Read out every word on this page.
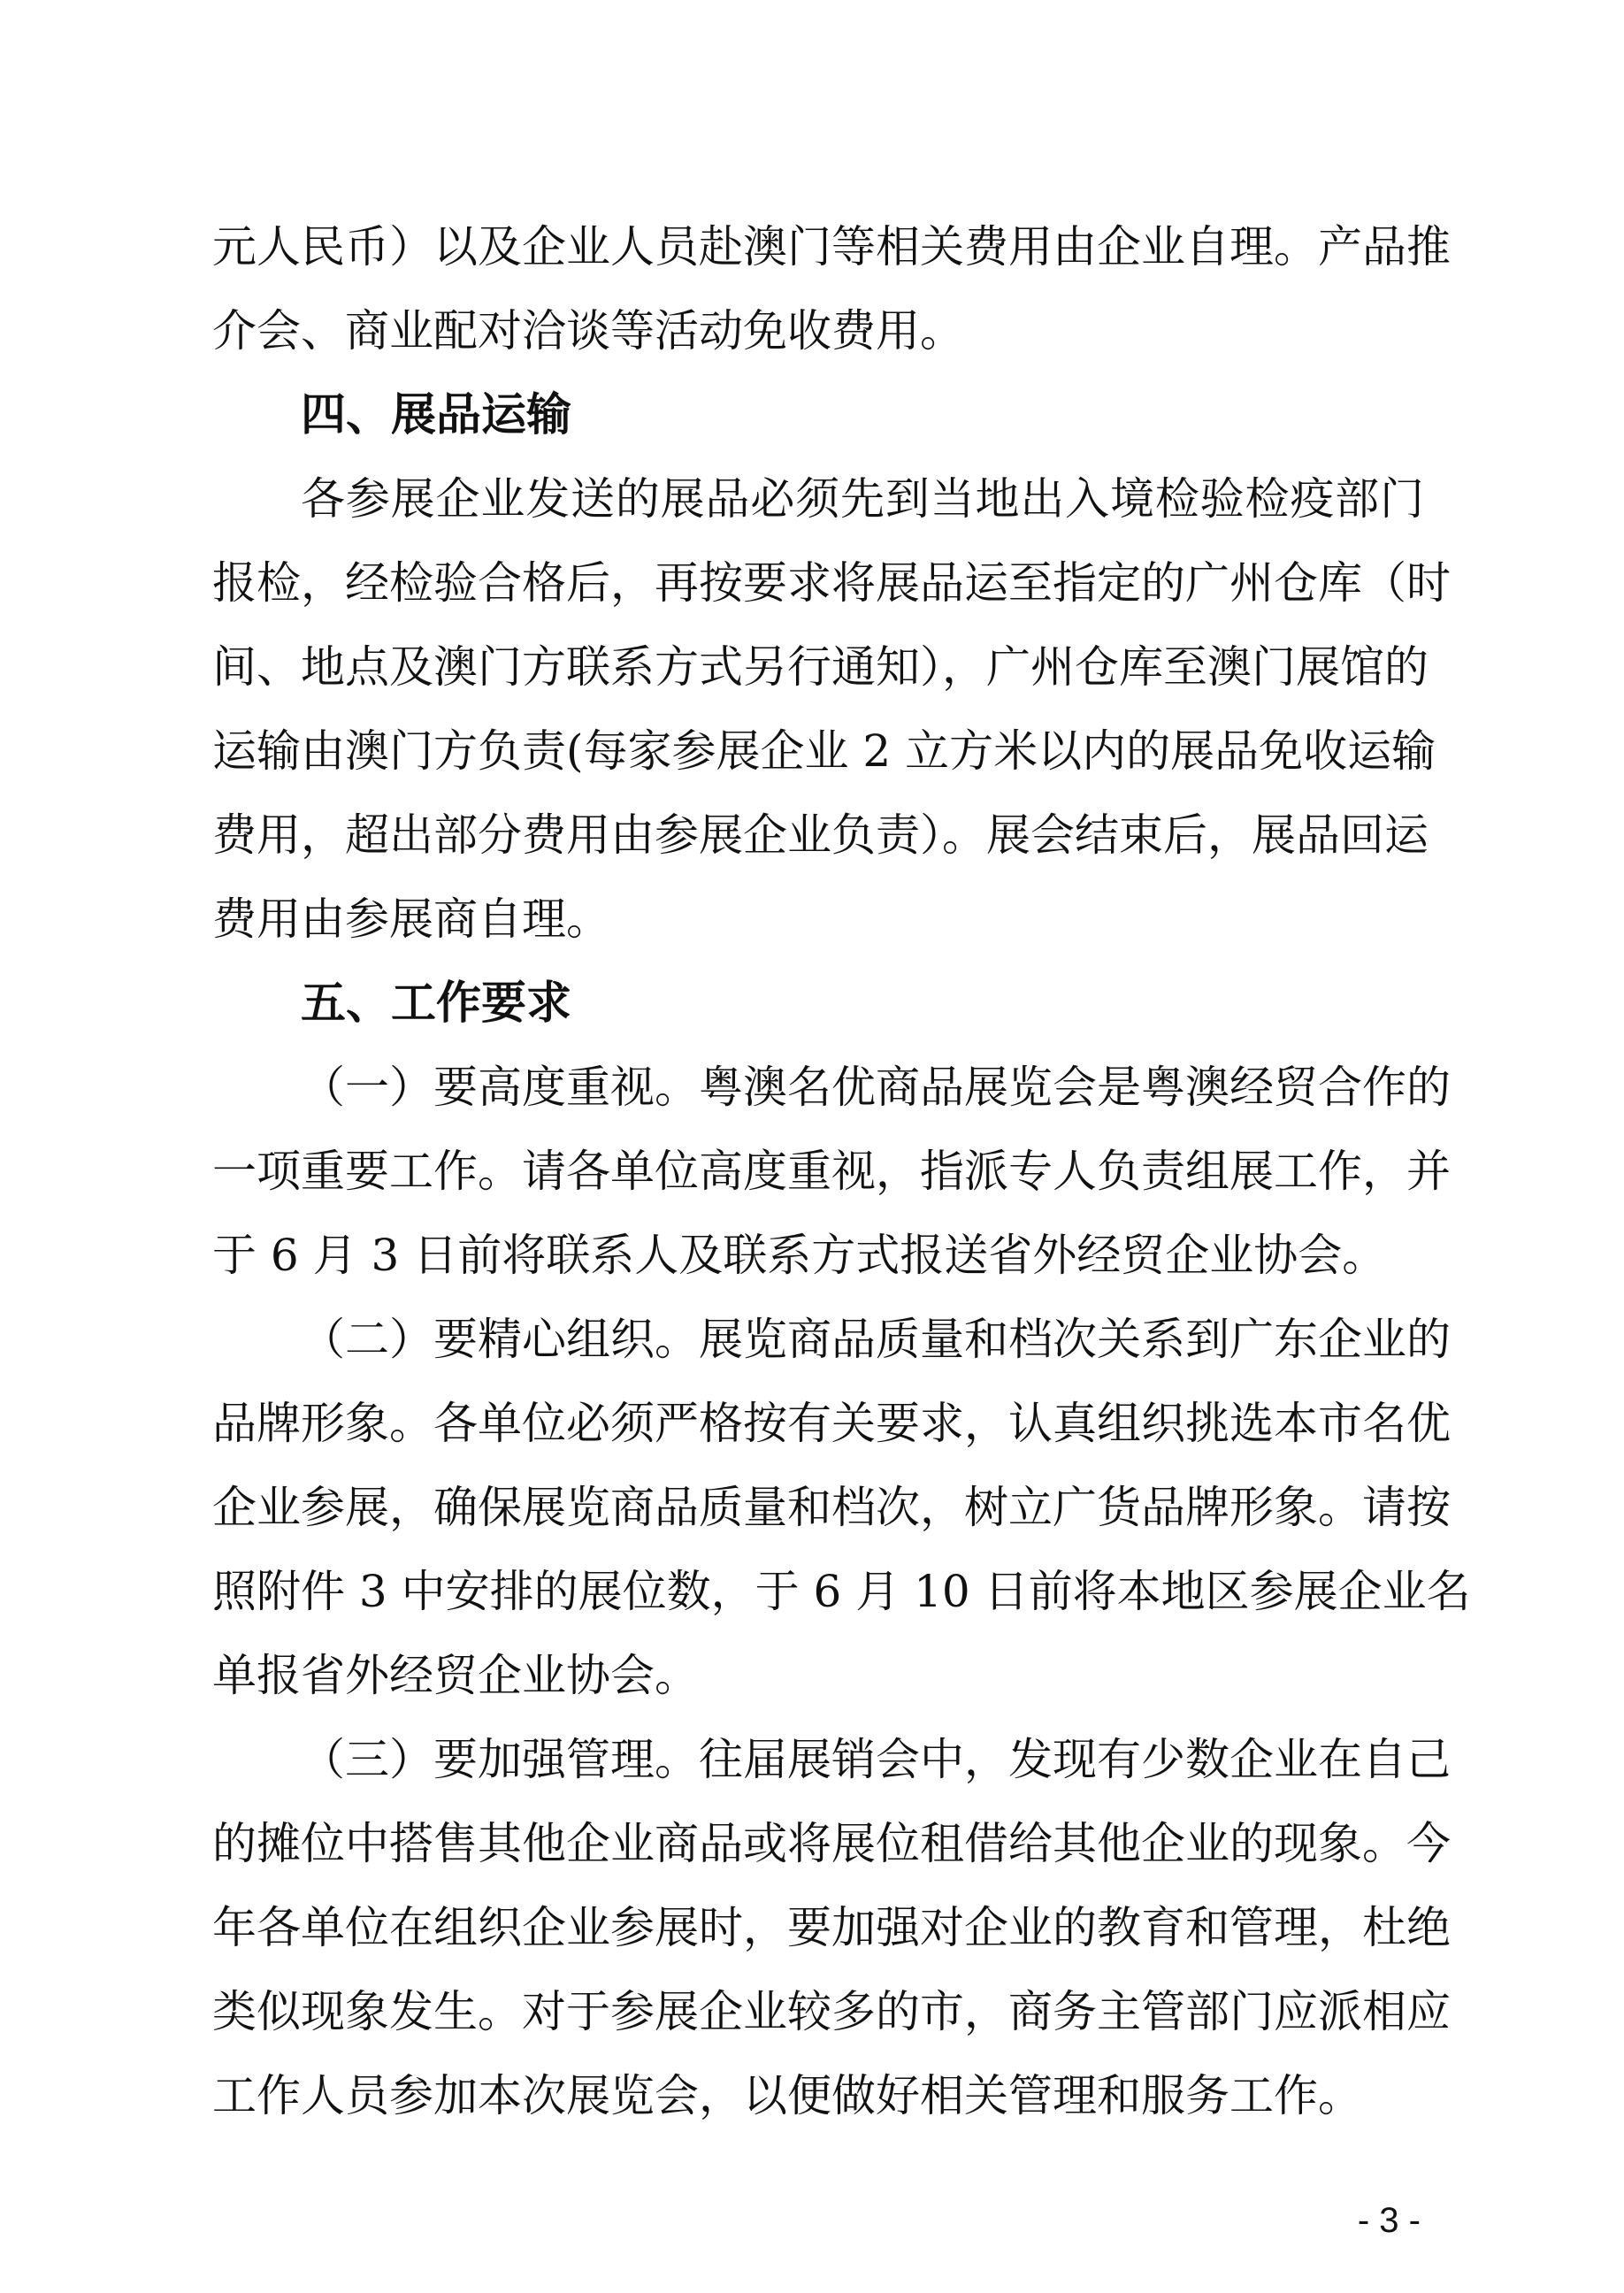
元人民币）以及企业人员赴澳门等相关费用由企业自理。产品推
介会、商业配对洽谈等活动免收费用。
四、展品运输
各参展企业发送的展品必须先到当地出入境检验检疫部门
报检，经检验合格后，再按要求将展品运至指定的广州仓库（时
间、地点及澳门方联系方式另行通知），广州仓库至澳门展馆的
运输由澳门方负责(每家参展企业 2 立方米以内的展品免收运输
费用，超出部分费用由参展企业负责）。展会结束后，展品回运
费用由参展商自理。
五、工作要求
（一）要高度重视。粤澳名优商品展览会是粤澳经贸合作的
一项重要工作。请各单位高度重视，指派专人负责组展工作，并
于 6 月 3 日前将联系人及联系方式报送省外经贸企业协会。
（二）要精心组织。展览商品质量和档次关系到广东企业的
品牌形象。各单位必须严格按有关要求，认真组织挑选本市名优
企业参展，确保展览商品质量和档次，树立广货品牌形象。请按
照附件 3 中安排的展位数，于 6 月 10 日前将本地区参展企业名
单报省外经贸企业协会。
（三）要加强管理。往届展销会中，发现有少数企业在自己
的摊位中搭售其他企业商品或将展位租借给其他企业的现象。今
年各单位在组织企业参展时，要加强对企业的教育和管理，杜绝
类似现象发生。对于参展企业较多的市，商务主管部门应派相应
工作人员参加本次展览会，以便做好相关管理和服务工作。
- 3 -
